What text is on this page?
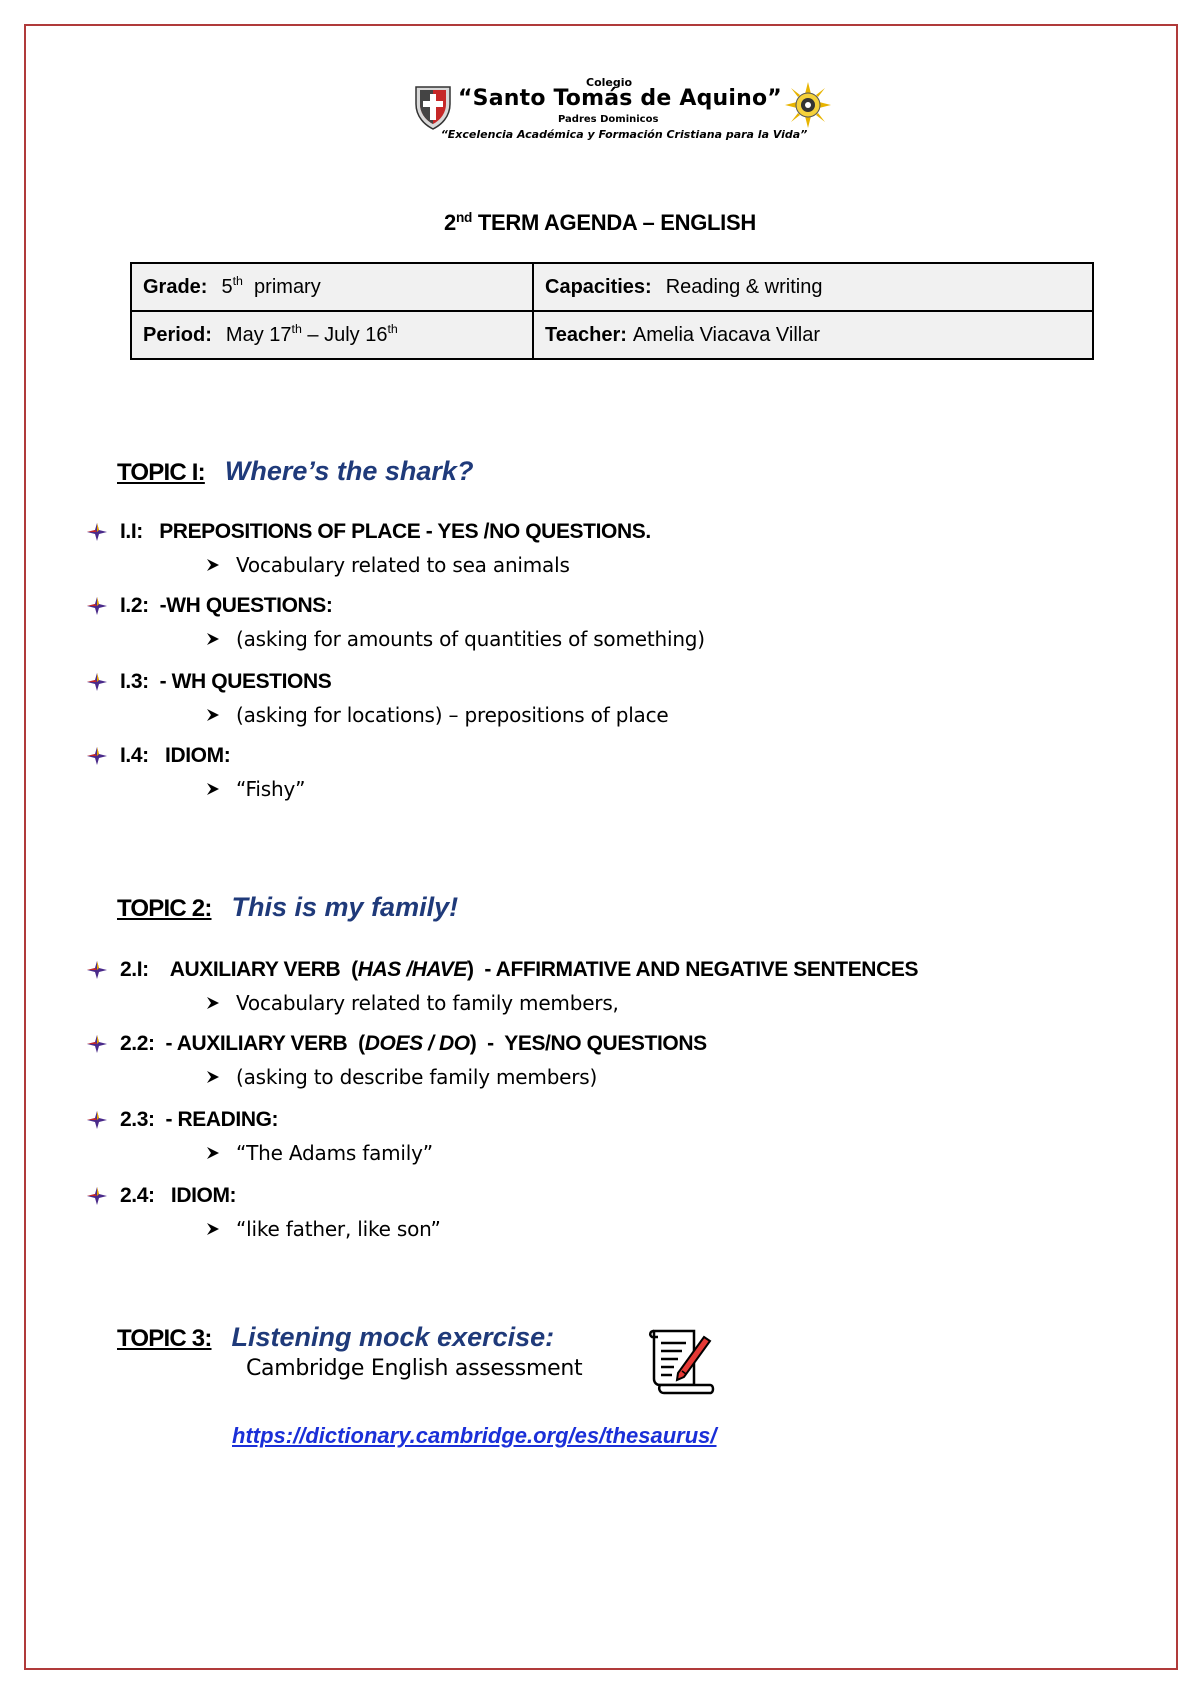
Colegio
“Santo Tomás de Aquino”
Padres Dominicos
“Excelencia Académica y Formación Cristiana para la Vida”
2nd TERM AGENDA – ENGLISH
Grade: 5th  primary	Capacities: Reading & writing
Period: May 17th – July 16th	Teacher: Amelia Viacava Villar
TOPIC I: Where’s the shark?
I.I:   PREPOSITIONS OF PLACE - YES /NO QUESTIONS.
Vocabulary related to sea animals
I.2:  -WH QUESTIONS:
(asking for amounts of quantities of something)
I.3:  - WH QUESTIONS
(asking for locations) – prepositions of place
I.4:   IDIOM:
“Fishy”
TOPIC 2: This is my family!
2.I:    AUXILIARY VERB  (HAS /HAVE)  - AFFIRMATIVE AND NEGATIVE SENTENCES
Vocabulary related to family members,
2.2:  - AUXILIARY VERB  (DOES / DO)  -  YES/NO QUESTIONS
(asking to describe family members)
2.3:  - READING:
“The Adams family”
2.4:   IDIOM:
“like father, like son”
TOPIC 3: Listening mock exercise:
Cambridge English assessment
https://dictionary.cambridge.org/es/thesaurus/
